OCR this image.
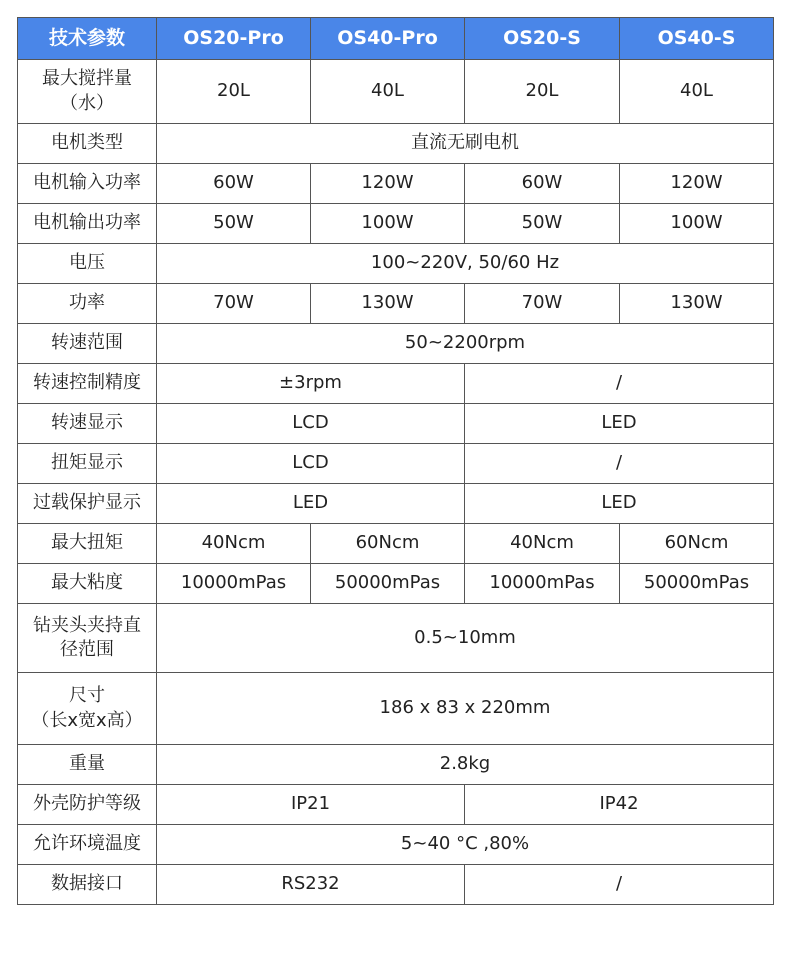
技术参数	OS20-Pro	OS40-Pro	OS20-S	OS40-S

最大搅拌量
（水）	20L	40L	20L	40L
电机类型	直流无刷电机			
电机输入功率	60W	120W	60W	120W
电机输出功率	50W	100W	50W	100W
电压	100~220V, 50/60 Hz			
功率	70W	130W	70W	130W
转速范围	50~2200rpm			
转速控制精度	±3rpm		/	
转速显示	LCD		LED	
扭矩显示	LCD		/	
过载保护显示	LED		LED	
最大扭矩	40Ncm	60Ncm	40Ncm	60Ncm
最大粘度	10000mPas	50000mPas	10000mPas	50000mPas

钻夹头夹持直
径范围	0.5~10mm			

尺寸
（长x宽x高）	186 x 83 x 220mm			
重量	2.8kg			
外壳防护等级	IP21		IP42	
允许环境温度	5~40 °C ,80%			
数据接口	RS232		/	
